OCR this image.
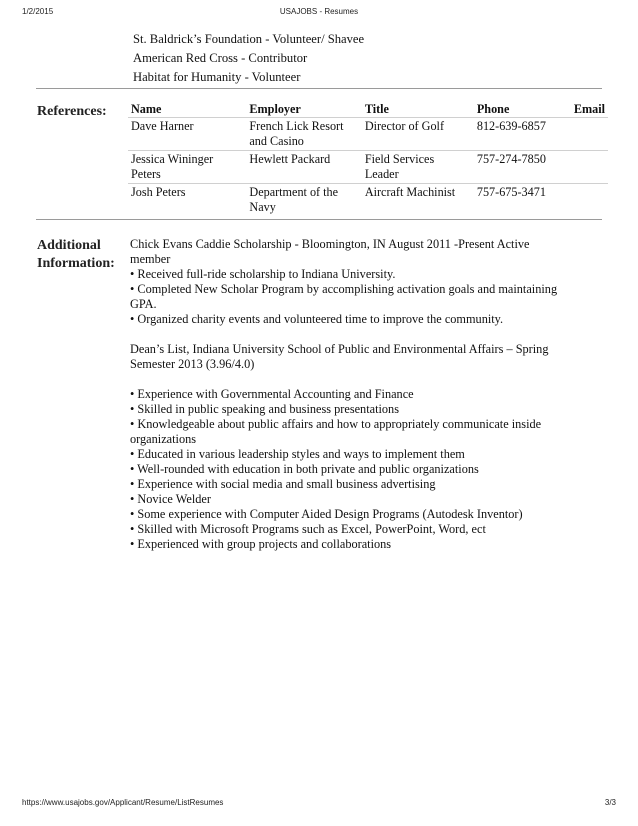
1/2/2015	USAJOBS - Resumes
St. Baldrick’s Foundation - Volunteer/ Shavee
American Red Cross - Contributor
Habitat for Humanity - Volunteer
References: Name	Employer	Title	Phone	Email
Dave Harner	French Lick Resort and Casino	Director of Golf	812-639-6857	
Jessica Wininger Peters	Hewlett Packard	Field Services Leader	757-274-7850	
Josh Peters	Department of the Navy	Aircraft Machinist	757-675-3471	
Additional
Information:

Chick Evans Caddie Scholarship - Bloomington, IN August 2011 -Present Active member

• Received full-ride scholarship to Indiana University.

• Completed New Scholar Program by accomplishing activation goals and maintaining GPA.

• Organized charity events and volunteered time to improve the community.

Dean’s List, Indiana University School of Public and Environmental Affairs – Spring Semester 2013 (3.96/4.0)

• Experience with Governmental Accounting and Finance

• Skilled in public speaking and business presentations

• Knowledgeable about public affairs and how to appropriately communicate inside organizations

• Educated in various leadership styles and ways to implement them

• Well-rounded with education in both private and public organizations

• Experience with social media and small business advertising

• Novice Welder

• Some experience with Computer Aided Design Programs (Autodesk Inventor)

• Skilled with Microsoft Programs such as Excel, PowerPoint, Word, ect

• Experienced with group projects and collaborations

https://www.usajobs.gov/Applicant/Resume/ListResumes	3/3
